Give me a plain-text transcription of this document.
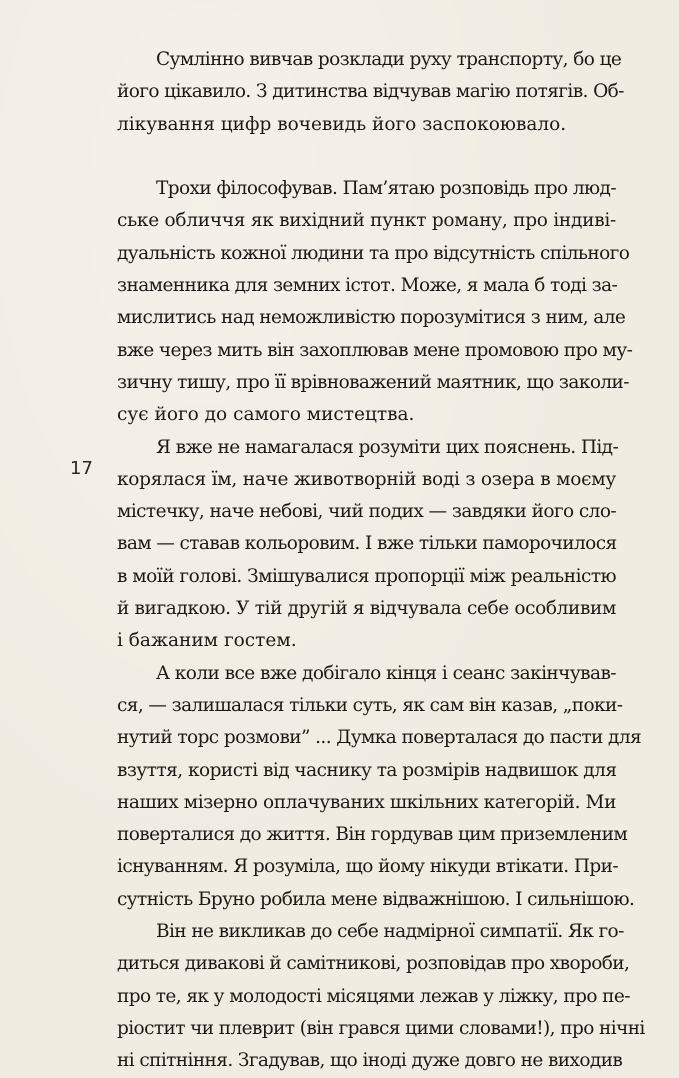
17
Сумлінно вивчав розклади руху транспорту, бо це
його цікавило. З дитинства відчував магію потягів. Об-
лікування цифр вочевидь його заспокоювало.
Трохи філософував. Пам’ятаю розповідь про люд-
ське обличчя як вихідний пункт роману, про індиві-
дуальність кожної людини та про відсутність спільного
знаменника для земних істот. Може, я мала б тоді за-
мислитись над неможливістю порозумітися з ним, але
вже через мить він захоплював мене промовою про му-
зичну тишу, про її врівноважений маятник, що заколи-
сує його до самого мистецтва.
Я вже не намагалася розуміти цих пояснень. Під-
корялася їм, наче животворній воді з озера в моєму
містечку, наче небові, чий подих — завдяки його сло-
вам — ставав кольоровим. І вже тільки паморочилося
в моїй голові. Змішувалися пропорції між реальністю
й вигадкою. У тій другій я відчувала себе особливим
і бажаним гостем.
А коли все вже добігало кінця і сеанс закінчував-
ся, — залишалася тільки суть, як сам він казав, „поки-
нутий торс розмови” ... Думка поверталася до пасти для
взуття, користі від часнику та розмірів надвишок для
наших мізерно оплачуваних шкільних категорій. Ми
поверталися до життя. Він гордував цим приземленим
існуванням. Я розуміла, що йому нікуди втікати. При-
сутність Бруно робила мене відважнішою. І сильнішою.
Він не викликав до себе надмірної симпатії. Як го-
диться диваковi й самітникові, розповідав про хвороби,
про те, як у молодості місяцями лежав у ліжку, про пе-
ріостит чи плеврит (він грався цими словами!), про нічні
ні спітніння. Згадував, що іноді дуже довго не виходив
